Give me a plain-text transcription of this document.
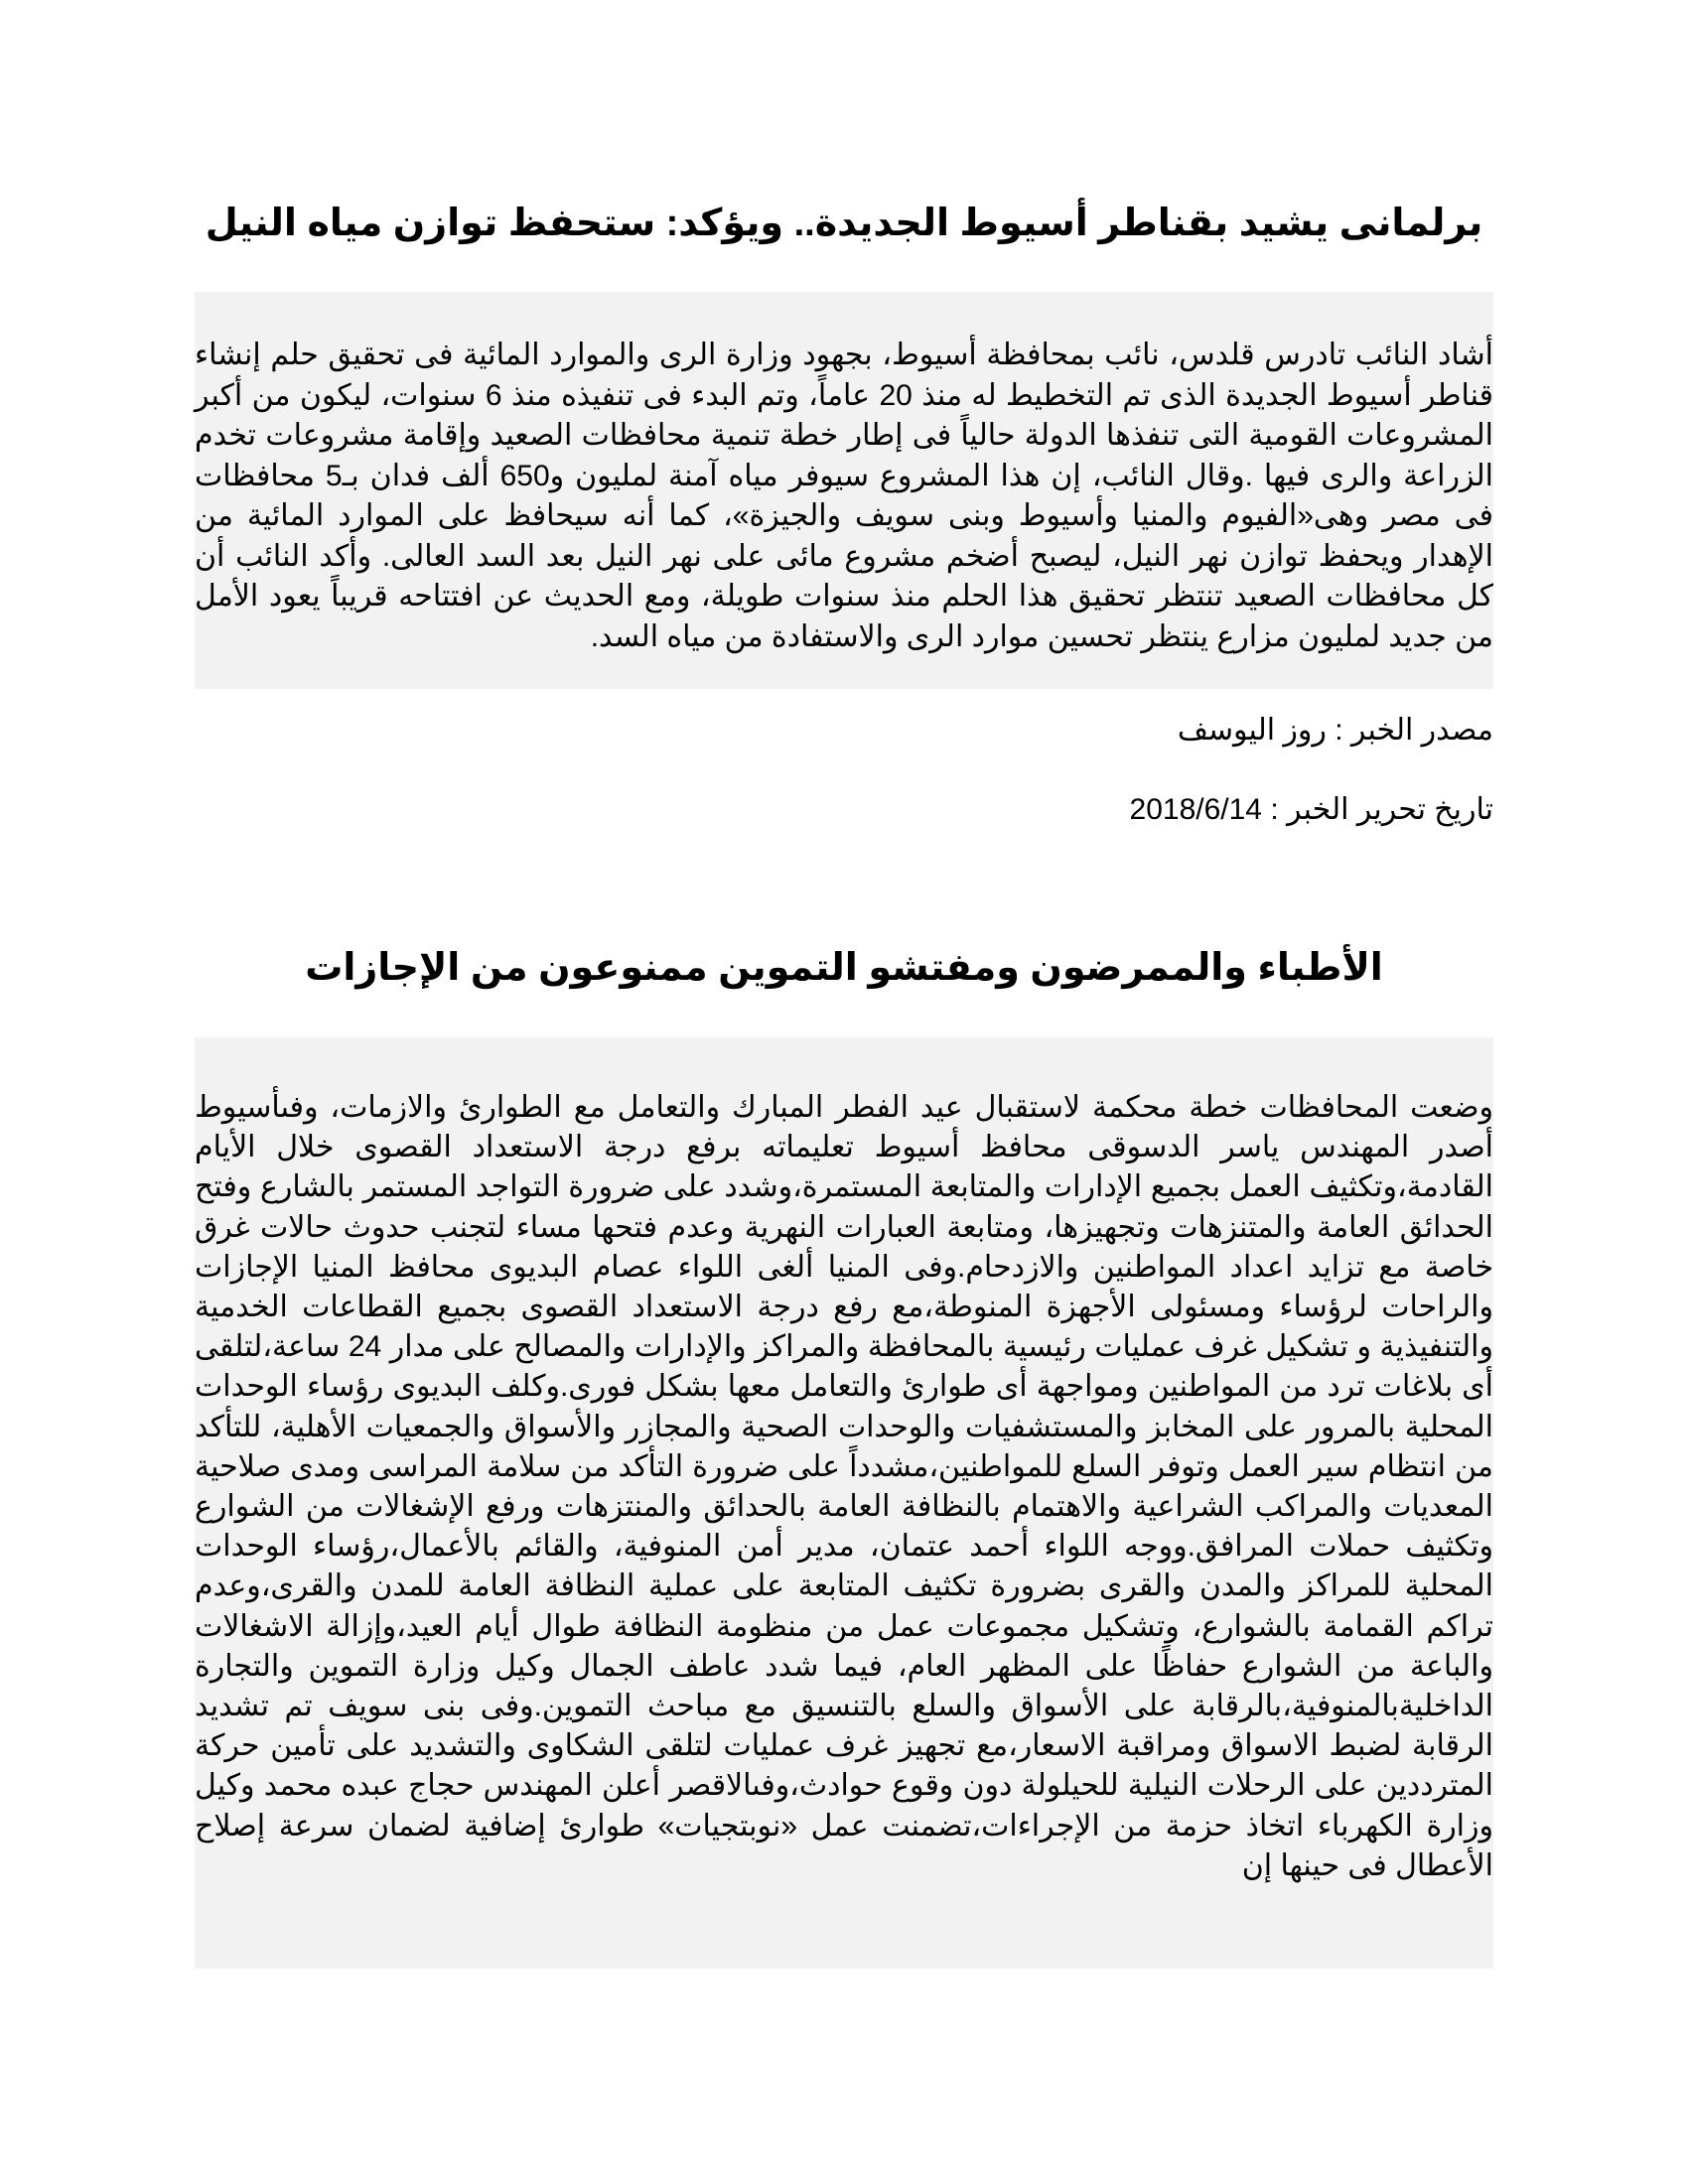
برلمانى يشيد بقناطر أسيوط الجديدة.. ويؤكد: ستحفظ توازن مياه النيل
أشاد النائب تادرس قلدس، نائب بمحافظة أسيوط، بجهود وزارة الرى والموارد المائية فى تحقيق حلم إنشاء قناطر أسيوط الجديدة الذى تم التخطيط له منذ 20 عاماً، وتم البدء فى تنفيذه منذ 6 سنوات، ليكون من أكبر المشروعات القومية التى تنفذها الدولة حالياً فى إطار خطة تنمية محافظات الصعيد وإقامة مشروعات تخدم الزراعة والرى فيها .وقال النائب، إن هذا المشروع سيوفر مياه آمنة لمليون و650 ألف فدان بـ5 محافظات فى مصر وهى«الفيوم والمنيا وأسيوط وبنى سويف والجيزة»، كما أنه سيحافظ على الموارد المائية من الإهدار ويحفظ توازن نهر النيل، ليصبح أضخم مشروع مائى على نهر النيل بعد السد العالى. وأكد النائب أن كل محافظات الصعيد تنتظر تحقيق هذا الحلم منذ سنوات طويلة، ومع الحديث عن افتتاحه قريباً يعود الأمل من جديد لمليون مزارع ينتظر تحسين موارد الرى والاستفادة من مياه السد.
مصدر الخبر : روز اليوسف
تاريخ تحرير الخبر : 2018/6/14
الأطباء والممرضون ومفتشو التموين ممنوعون من الإجازات
وضعت المحافظات خطة محكمة لاستقبال عيد الفطر المبارك والتعامل مع الطوارئ والازمات، وفىأسيوط أصدر المهندس ياسر الدسوقى محافظ أسيوط تعليماته برفع درجة الاستعداد القصوى خلال الأيام القادمة،وتكثيف العمل بجميع الإدارات والمتابعة المستمرة،وشدد على ضرورة التواجد المستمر بالشارع وفتح الحدائق العامة والمتنزهات وتجهيزها، ومتابعة العبارات النهرية وعدم فتحها مساء لتجنب حدوث حالات غرق خاصة مع تزايد اعداد المواطنين والازدحام.وفى المنيا ألغى اللواء عصام البديوى محافظ المنيا الإجازات والراحات لرؤساء ومسئولى الأجهزة المنوطة،مع رفع درجة الاستعداد القصوى بجميع القطاعات الخدمية والتنفيذية و تشكيل غرف عمليات رئيسية بالمحافظة والمراكز والإدارات والمصالح على مدار 24 ساعة،لتلقى أى بلاغات ترد من المواطنين ومواجهة أى طوارئ والتعامل معها بشكل فورى.وكلف البديوى رؤساء الوحدات المحلية بالمرور على المخابز والمستشفيات والوحدات الصحية والمجازر والأسواق والجمعيات الأهلية، للتأكد من انتظام سير العمل وتوفر السلع للمواطنين،مشدداً على ضرورة التأكد من سلامة المراسى ومدى صلاحية المعديات والمراكب الشراعية والاهتمام بالنظافة العامة بالحدائق والمنتزهات ورفع الإشغالات من الشوارع وتكثيف حملات المرافق.ووجه اللواء أحمد عتمان، مدير أمن المنوفية، والقائم بالأعمال،رؤساء الوحدات المحلية للمراكز والمدن والقرى بضرورة تكثيف المتابعة على عملية النظافة العامة للمدن والقرى،وعدم تراكم القمامة بالشوارع، وتشكيل مجموعات عمل من منظومة النظافة طوال أيام العيد،وإزالة الاشغالات والباعة من الشوارع حفاظًا على المظهر العام، فيما شدد عاطف الجمال وكيل وزارة التموين والتجارة الداخليةبالمنوفية،بالرقابة على الأسواق والسلع بالتنسيق مع مباحث التموين.وفى بنى سويف تم تشديد الرقابة لضبط الاسواق ومراقبة الاسعار،مع تجهيز غرف عمليات لتلقى الشكاوى والتشديد على تأمين حركة المترددين على الرحلات النيلية للحيلولة دون وقوع حوادث،وفىالاقصر أعلن المهندس حجاج عبده محمد وكيل وزارة الكهرباء اتخاذ حزمة من الإجراءات،تضمنت عمل «نوبتجيات» طوارئ إضافية لضمان سرعة إصلاح الأعطال فى حينها إن
